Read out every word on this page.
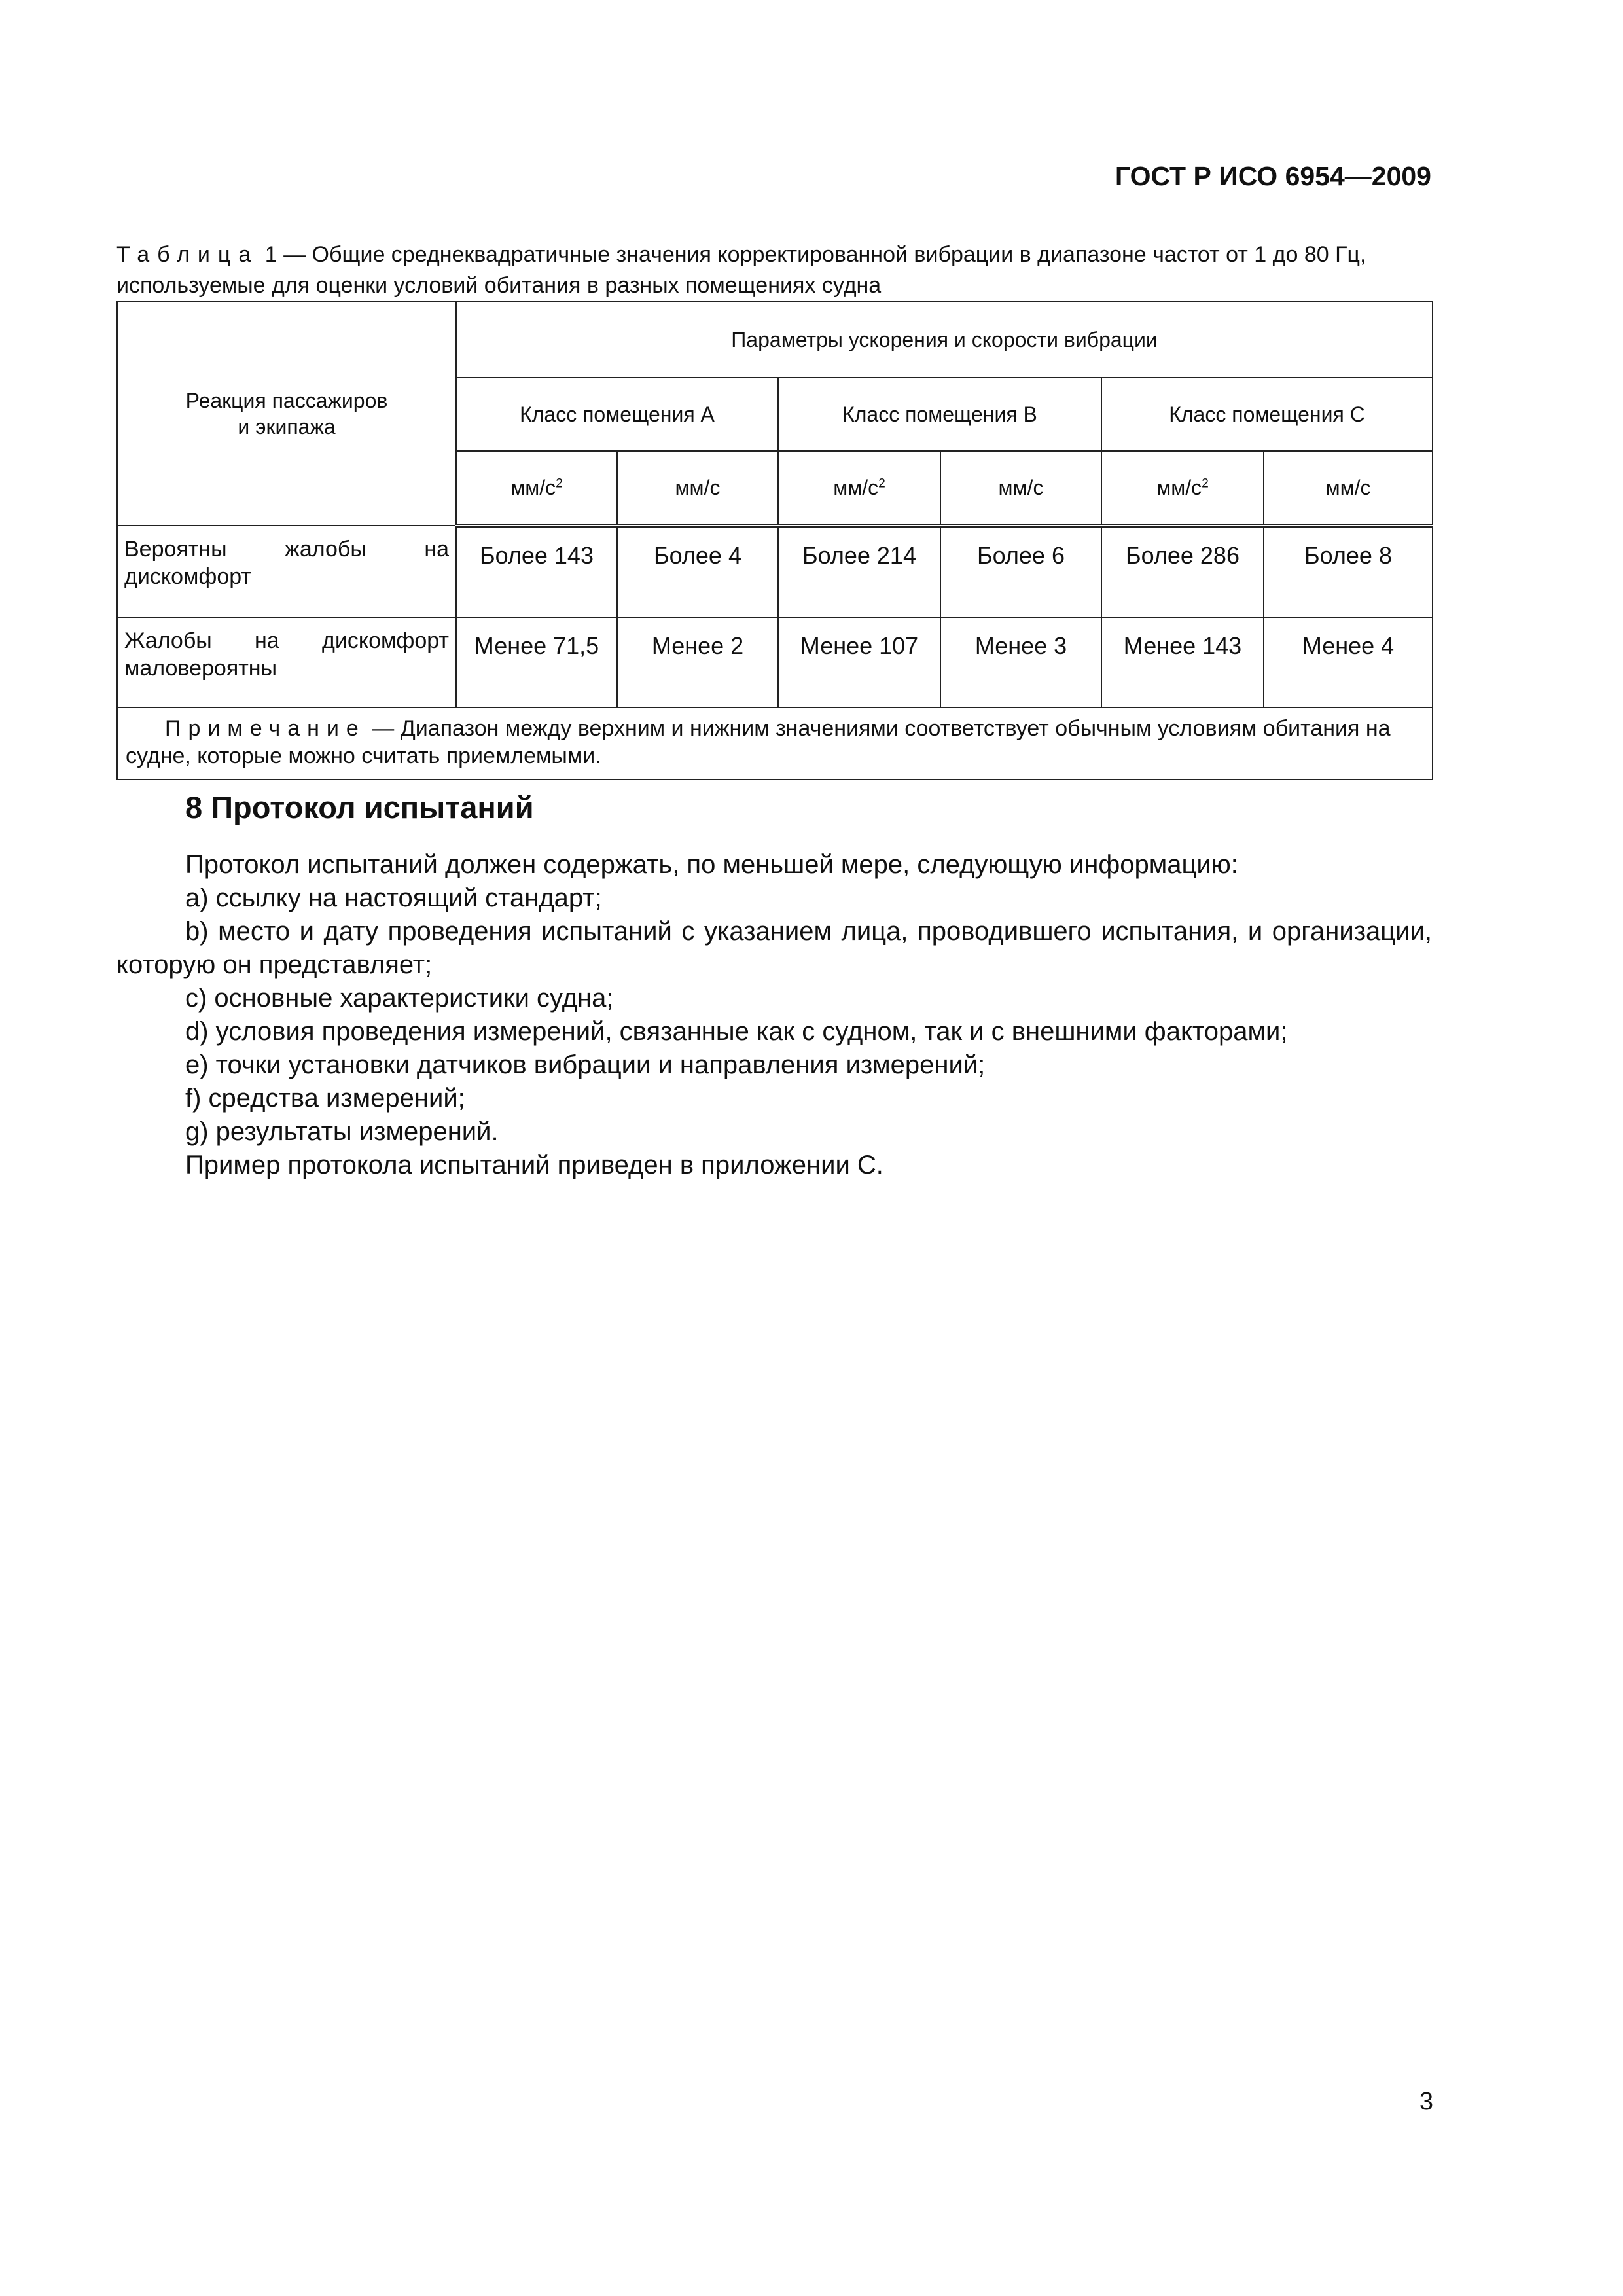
ГОСТ Р ИСО 6954—2009
Таблица 1 — Общие среднеквадратичные значения корректированной вибрации в диапазоне частот от 1 до 80 Гц, используемые для оценки условий обитания в разных помещениях судна
Реакция пассажиров
и экипажа	Параметры ускорения и скорости вибрации					
	Класс помещения A		Класс помещения B		Класс помещения C	
	$мм/с^2$	мм/с	$мм/с^2$	мм/с	$мм/с^2$	мм/с

Вероятны жалобы на
дискомфорт	Более 143	Более 4	Более 214	Более 6	Более 286	Более 8

Жалобы на дискомфорт
маловероятны	Менее 71,5	Менее 2	Менее 107	Менее 3	Менее 143	Менее 4
Примечание — Диапазон между верхним и нижним значениями соответствует обычным условиям обитания на судне, которые можно считать приемлемыми.						
8 Протокол испытаний

Протокол испытаний должен содержать, по меньшей мере, следующую информацию:

a) ссылку на настоящий стандарт;

b) место и дату проведения испытаний с указанием лица, проводившего испытания, и организации, которую он представляет;

c) основные характеристики судна;

d) условия проведения измерений, связанные как с судном, так и с внешними факторами;

e) точки установки датчиков вибрации и направления измерений;

f) средства измерений;

g) результаты измерений.

Пример протокола испытаний приведен в приложении С.

3
